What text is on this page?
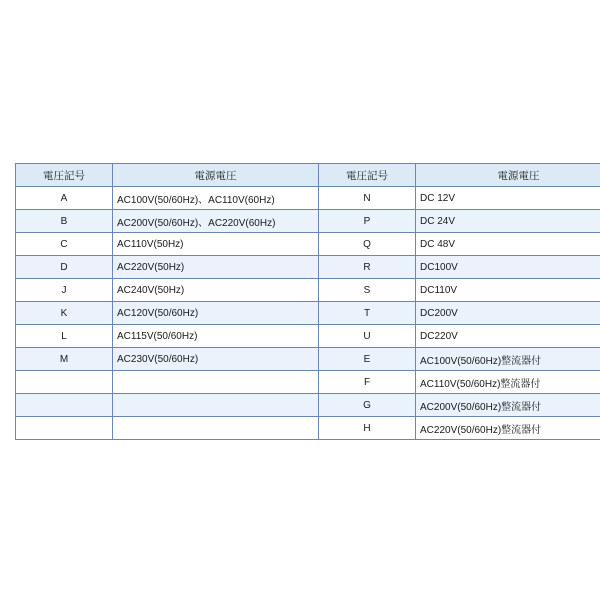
電圧記号	電源電圧	電圧記号	電源電圧
A	AC100V(50/60Hz)、AC110V(60Hz)	N	DC 12V
B	AC200V(50/60Hz)、AC220V(60Hz)	P	DC 24V
C	AC110V(50Hz)	Q	DC 48V
D	AC220V(50Hz)	R	DC100V
J	AC240V(50Hz)	S	DC110V
K	AC120V(50/60Hz)	T	DC200V
L	AC115V(50/60Hz)	U	DC220V
M	AC230V(50/60Hz)	E	AC100V(50/60Hz)整流器付
		F	AC110V(50/60Hz)整流器付
		G	AC200V(50/60Hz)整流器付
		H	AC220V(50/60Hz)整流器付
